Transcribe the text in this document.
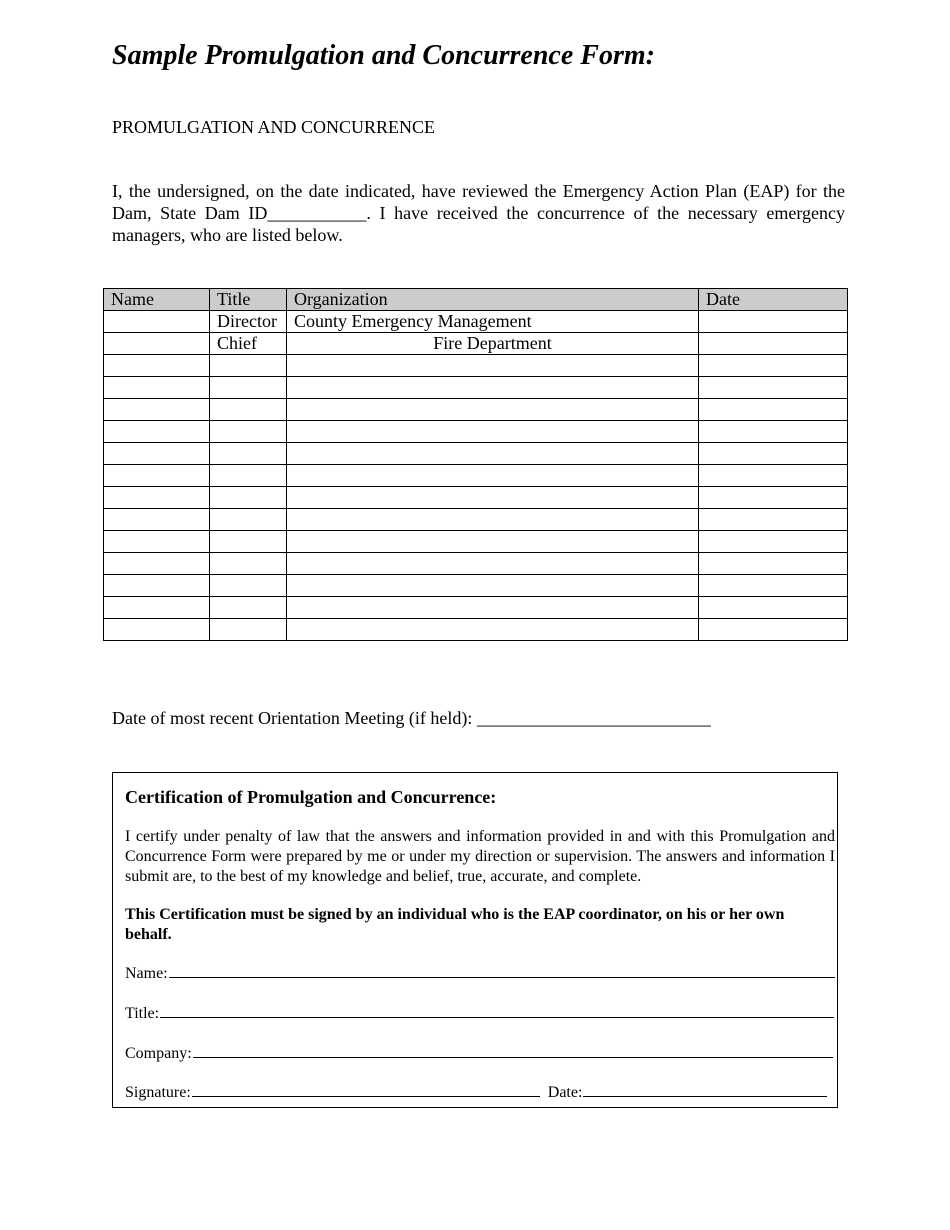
Sample Promulgation and Concurrence Form:

PROMULGATION AND CONCURRENCE

I, the undersigned, on the date indicated, have reviewed the Emergency Action Plan (EAP) for the Dam, State Dam ID___________. I have received the concurrence of the necessary emergency managers, who are listed below.

Name	Title	Organization	Date
	Director	County Emergency Management	
	Chief	Fire Department	

Date of most recent Orientation Meeting (if held): __________________________

Certification of Promulgation and Concurrence:

I certify under penalty of law that the answers and information provided in and with this Promulgation and Concurrence Form were prepared by me or under my direction or supervision. The answers and information I submit are, to the best of my knowledge and belief, true, accurate, and complete.

This Certification must be signed by an individual who is the EAP coordinator, on his or her own behalf.

Name:
Title:
Company:
Signature:	Date:
